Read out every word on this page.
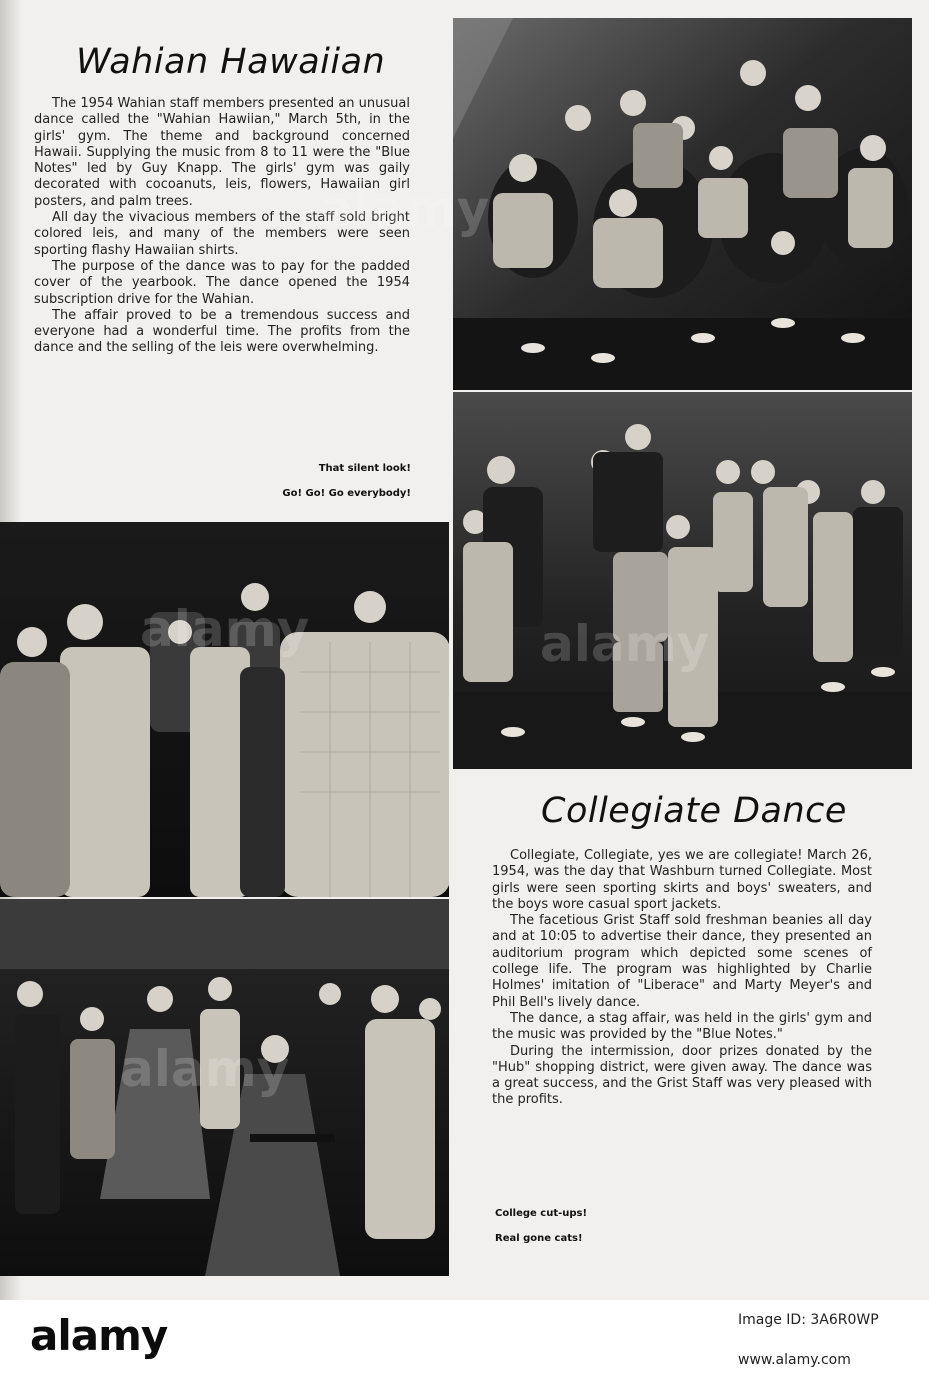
Wahian Hawaiian

The 1954 Wahian staff members presented an unusual dance called the "Wahian Hawiian," March 5th, in the girls' gym. The theme and background concerned Hawaii. Supplying the music from 8 to 11 were the "Blue Notes" led by Guy Knapp. The girls' gym was gaily decorated with cocoanuts, leis, flowers, Hawaiian girl posters, and palm trees.

All day the vivacious members of the staff sold bright colored leis, and many of the members were seen sporting flashy Hawaiian shirts.

The purpose of the dance was to pay for the padded cover of the yearbook. The dance opened the 1954 subscription drive for the Wahian.

The affair proved to be a tremendous success and everyone had a wonderful time. The profits from the dance and the selling of the leis were overwhelming.

That silent look!

Go! Go! Go everybody!

alamy

Collegiate Dance

Collegiate, Collegiate, yes we are collegiate! March 26, 1954, was the day that Washburn turned Collegiate. Most girls were seen sporting skirts and boys' sweaters, and the boys wore casual sport jackets.

The facetious Grist Staff sold freshman beanies all day and at 10:05 to advertise their dance, they presented an auditorium program which depicted some scenes of college life. The program was highlighted by Charlie Holmes' imitation of "Liberace" and Marty Meyer's and Phil Bell's lively dance.

The dance, a stag affair, was held in the girls' gym and the music was provided by the "Blue Notes."

During the intermission, door prizes donated by the "Hub" shopping district, were given away. The dance was a great success, and the Grist Staff was very pleased with the profits.

College cut-ups!

Real gone cats!

alamy	Image ID: 3A6R0WP

www.alamy.com
